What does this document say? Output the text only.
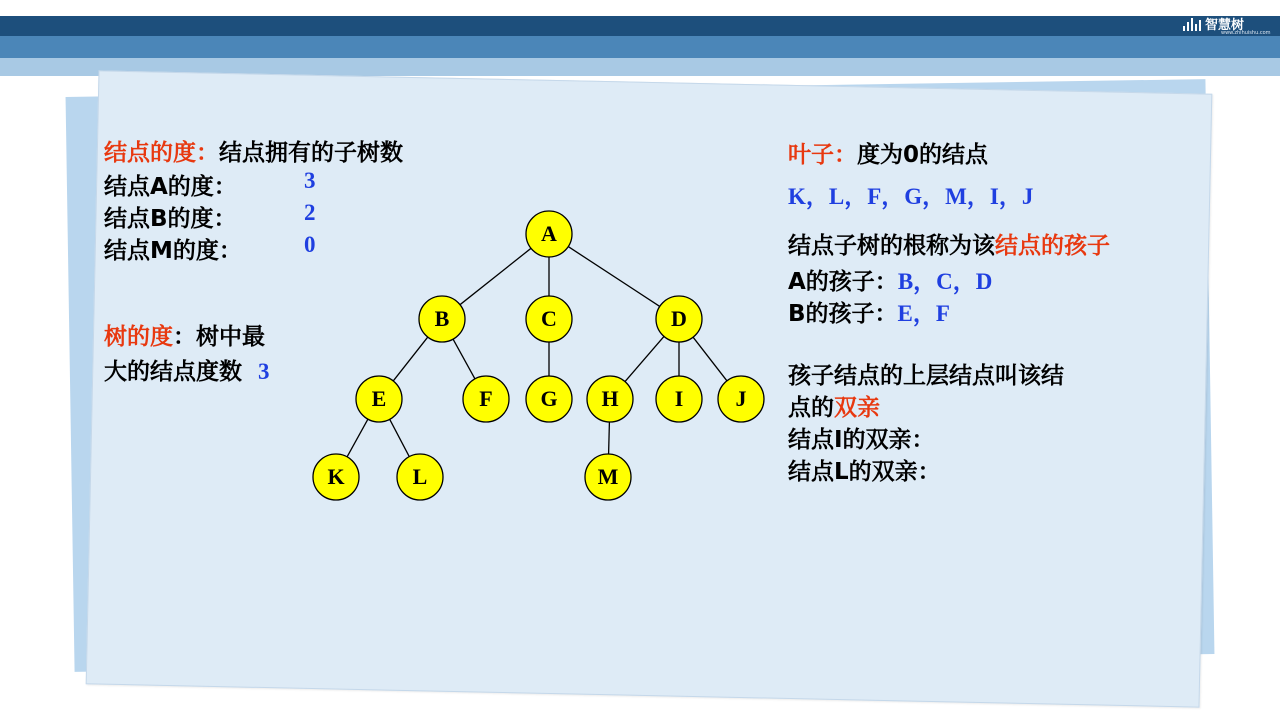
智慧树
www.zhihuishu.com
结点的度：结点拥有的子树数
结点A的度：	3
结点B的度：	2
结点M的度：	0
树的度：树中最
大的结点度数 3
A
B	C	D
E	F G H	I J
K	L	M
叶子：度为0的结点
K，L，F，G，M，I，J
结点子树的根称为该结点的孩子
A的孩子：B，C，D
B的孩子：E，F
孩子结点的上层结点叫该结
点的双亲
结点I的双亲：
结点L的双亲：
